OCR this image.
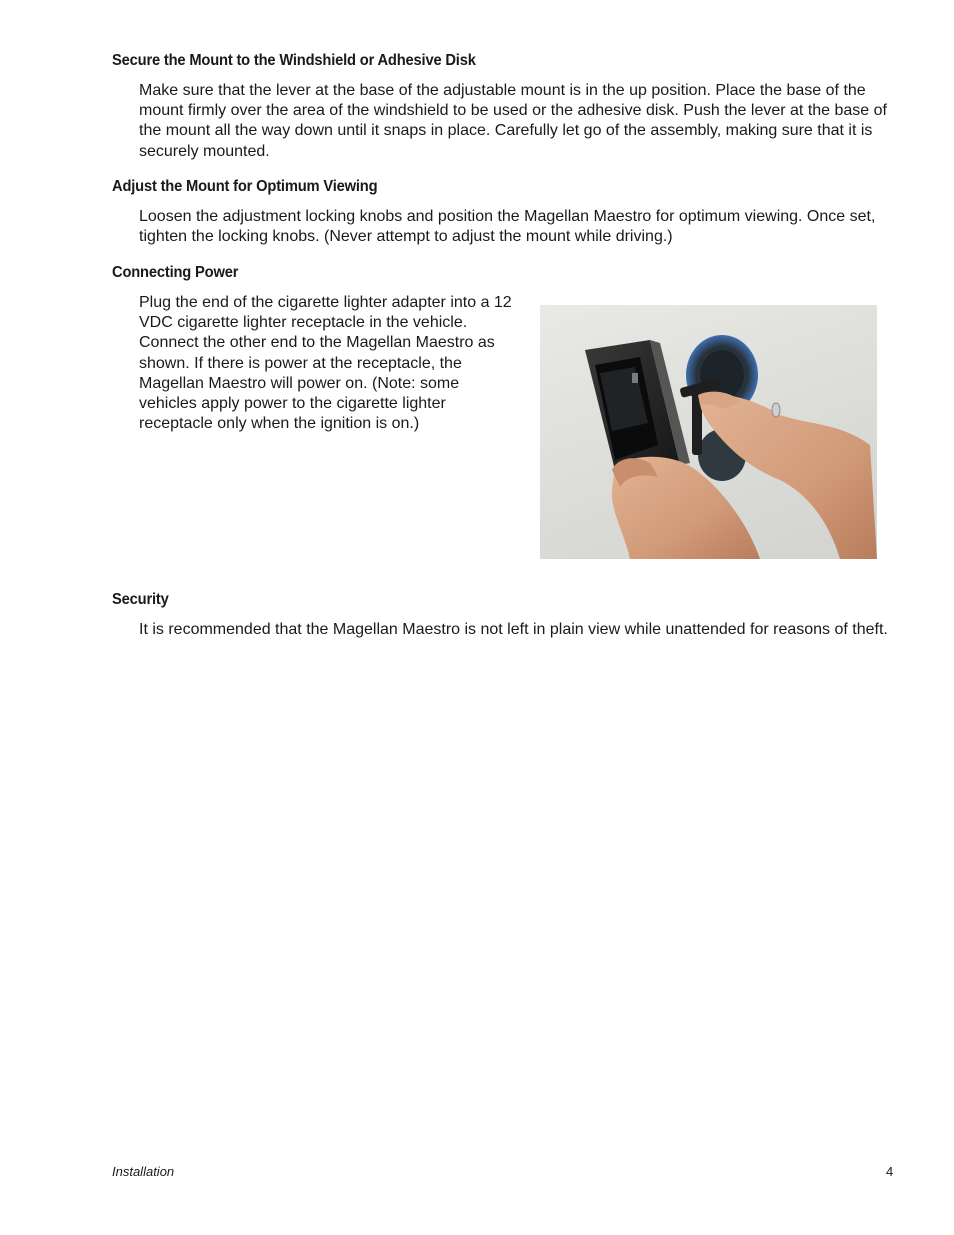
Secure the Mount to the Windshield or Adhesive Disk

Make sure that the lever at the base of the adjustable mount is in the up position. Place the base of the mount firmly over the area of the windshield to be used or the adhesive disk. Push the lever at the base of the mount all the way down until it snaps in place. Carefully let go of the assembly, making sure that it is securely mounted.

Adjust the Mount for Optimum Viewing

Loosen the adjustment locking knobs and position the Magellan Maestro for optimum viewing. Once set, tighten the locking knobs. (Never attempt to adjust the mount while driving.)

Connecting Power

Plug the end of the cigarette lighter adapter into a 12 VDC cigarette lighter receptacle in the vehicle. Connect the other end to the Magellan Maestro as shown. If there is power at the receptacle, the Magellan Maestro will power on. (Note: some vehicles apply power to the cigarette lighter receptacle only when the ignition is on.)

Security

It is recommended that the Magellan Maestro is not left in plain view while unattended for reasons of theft.

Installation	4
